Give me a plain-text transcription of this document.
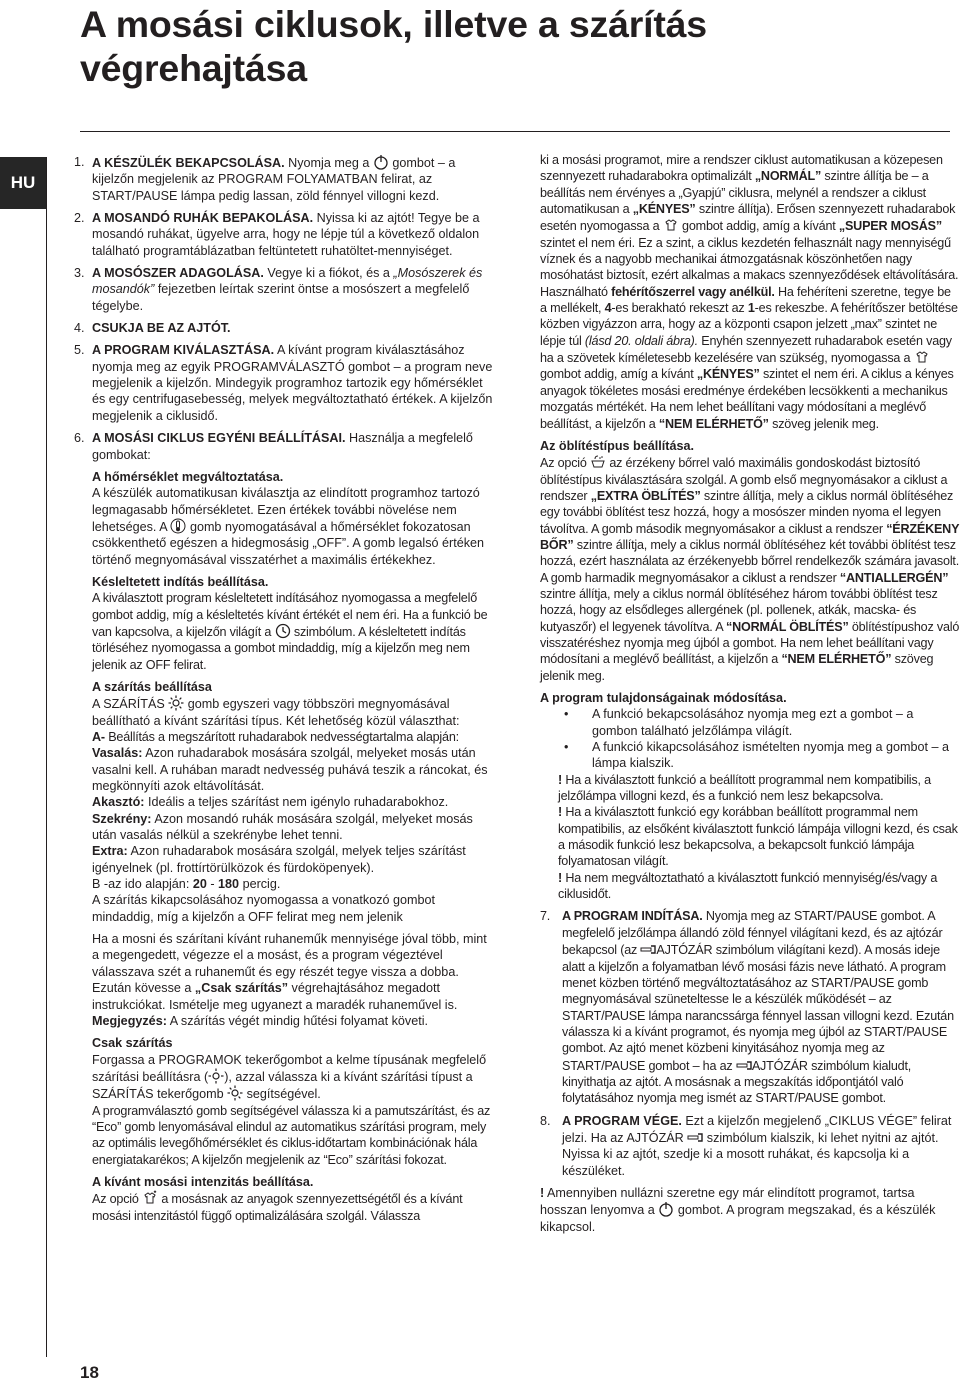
A mosási ciklusok, illetve a szárítás végrehajtása
HU
18

1. A KÉSZÜLÉK BEKAPCSOLÁSA. Nyomja meg a gombot – a kijelzőn megjelenik az PROGRAM FOLYAMATBAN felirat, az START/PAUSE lámpa pedig lassan, zöld fénnyel villogni kezd.

2. A MOSANDÓ RUHÁK BEPAKOLÁSA. Nyissa ki az ajtót! Tegye be a mosandó ruhákat, ügyelve arra, hogy ne lépje túl a következő oldalon található programtáblázatban feltüntetett ruhatöltet-mennyiséget.

3. A MOSÓSZER ADAGOLÁSA. Vegye ki a fiókot, és a „Mosószerek és mosandók” fejezetben leírtak szerint öntse a mosószert a megfelelő tégelybe.

4. CSUKJA BE AZ AJTÓT.

5. A PROGRAM KIVÁLASZTÁSA. A kívánt program kiválasztásához nyomja meg az egyik PROGRAMVÁLASZTÓ gombot – a program neve megjelenik a kijelzőn. Mindegyik programhoz tartozik egy hőmérséklet és egy centrifugasebesség, melyek megváltoztatható értékek. A kijelzőn megjelenik a ciklusidő.

6. A MOSÁSI CIKLUS EGYÉNI BEÁLLÍTÁSAI. Használja a megfelelő gombokat:

A hőmérséklet megváltoztatása.

A készülék automatikusan kiválasztja az elindított programhoz tartozó legmagasabb hőmérsékletet. Ezen értékek további növelése nem lehetséges. A gomb nyomogatásával a hőmérséklet fokozatosan csökkenthető egészen a hidegmosásig „OFF”. A gomb legalsó értéken történő megnyomásával visszatérhet a maximális értékekhez.

Késleltetett indítás beállítása.

A kiválasztott program késleltetett indításához nyomogassa a megfelelő gombot addig, míg a késleltetés kívánt értékét el nem éri. Ha a funkció be van kapcsolva, a kijelzőn világít a szimbólum. A késleltetett indítás törléséhez nyomogassa a gombot mindaddig, míg a kijelzőn meg nem jelenik az OFF felirat.

A szárítás beállítása

A SZÁRÍTÁS gomb egyszeri vagy többszöri megnyomásával beállítható a kívánt szárítási típus. Két lehetőség közül választhat:

A- Beállítás a megszárított ruhadarabok nedvességtartalma alapján:

Vasalás: Azon ruhadarabok mosására szolgál, melyeket mosás után vasalni kell. A ruhában maradt nedvesség puhává teszik a ráncokat, és megkönnyíti azok eltávolítását.

Akasztó: Ideális a teljes szárítást nem igénylo ruhadarabokhoz.

Szekrény: Azon mosandó ruhák mosására szolgál, melyeket mosás után vasalás nélkül a szekrénybe lehet tenni.

Extra: Azon ruhadarabok mosására szolgál, melyek teljes szárítást igényelnek (pl. frottírtörülközok és fürdoköpenyek).

B -az ido alapján: 20 - 180 percig.

A szárítás kikapcsolásához nyomogassa a vonatkozó gombot mindaddig, míg a kijelzőn a OFF felirat meg nem jelenik

Ha a mosni és szárítani kívánt ruhaneműk mennyisége jóval több, mint a megengedett, végezze el a mosást, és a program végeztével válasszava szét a ruhaneműt és egy részét tegye vissza a dobba. Ezután kövesse a „Csak szárítás” végrehajtásához megadott instrukciókat. Ismételje meg ugyanezt a maradék ruhaneművel is.

Megjegyzés: A szárítás végét mindig hűtési folyamat követi.

Csak szárítás

Forgassa a PROGRAMOK tekerőgombot a kelme típusának megfelelő szárítási beállításra ( ), azzal válassza ki a kívánt szárítási típust a SZÁRÍTÁS tekerőgomb segítségével.

A programválasztó gomb segítségével válassza ki a pamutszárítást, és az “Eco” gomb lenyomásával elindul az automatikus szárítási program, mely az optimális levegőhőmérséklet és ciklus-időtartam kombinációnak hála energiatakarékos; A kijelzőn megjelenik az “Eco” szárítási fokozat.

A kívánt mosási intenzitás beállítása.

Az opció a mosásnak az anyagok szennyezettségétől és a kívánt mosási intenzitástól függő optimalizálására szolgál. Válassza

ki a mosási programot, mire a rendszer ciklust automatikusan a közepesen szennyezett ruhadarabokra optimalizált „NORMÁL” szintre állítja be – a beállítás nem érvényes a „Gyapjú” ciklusra, melynél a rendszer a ciklust automatikusan a „KÉNYES” szintre állítja). Erősen szennyezett ruhadarabok esetén nyomogassa a gombot addig, amíg a kívánt „SUPER MOSÁS” szintet el nem éri. Ez a szint, a ciklus kezdetén felhasznált nagy mennyiségű víznek és a nagyobb mechanikai átmozgatásnak köszönhetően nagy mosóhatást biztosít, ezért alkalmas a makacs szennyeződések eltávolítására. Használható fehérítőszerrel vagy anélkül. Ha fehéríteni szeretne, tegye be a mellékelt, 4-es berakható rekeszt az 1-es rekeszbe. A fehérítőszer betöltése közben vigyázzon arra, hogy az a központi csapon jelzett „max” szintet ne lépje túl (lásd 20. oldali ábra). Enyhén szennyezett ruhadarabok esetén vagy ha a szövetek kíméletesebb kezelésére van szükség, nyomogassa a
gombot addig, amíg a kívánt „KÉNYES” szintet el nem éri. A ciklus a kényes anyagok tökéletes mosási eredménye érdekében lecsökkenti a mechanikus mozgatás mértékét. Ha nem lehet beállítani vagy módosítani a meglévő beállítást, a kijelzőn a “NEM ELÉRHETŐ” szöveg jelenik meg.

Az öblítéstípus beállítása.

Az opció az érzékeny bőrrel való maximális gondoskodást biztosító öblítéstípus kiválasztására szolgál. A gomb első megnyomásakor a ciklust a rendszer „EXTRA ÖBLÍTÉS” szintre állítja, mely a ciklus normál öblítéséhez egy további öblítést tesz hozzá, hogy a mosószer minden nyoma el legyen távolítva. A gomb második megnyomásakor a ciklust a rendszer “ÉRZÉKENY BŐR” szintre állítja, mely a ciklus normál öblítéséhez két további öblítést tesz hozzá, ezért használata az érzékenyebb bőrrel rendelkezők számára javasolt. A gomb harmadik megnyomásakor a ciklust a rendszer “ANTIALLERGÉN” szintre állítja, mely a ciklus normál öblítéséhez három további öblítést tesz hozzá, hogy az elsődleges allergének (pl. pollenek, atkák, macska- és kutyaszőr) el legyenek távolítva. A “NORMÁL ÖBLÍTÉS” öblítéstípushoz való visszatéréshez nyomja meg újból a gombot. Ha nem lehet beállítani vagy módosítani a meglévő beállítást, a kijelzőn a “NEM ELÉRHETŐ” szöveg jelenik meg.

A program tulajdonságainak módosítása.

• A funkció bekapcsolásához nyomja meg ezt a gombot – a gombon található jelzőlámpa világít.

• A funkció kikapcsolásához ismételten nyomja meg a gombot – a lámpa kialszik.

! Ha a kiválasztott funkció a beállított programmal nem kompatibilis, a jelzőlámpa villogni kezd, és a funkció nem lesz bekapcsolva.

! Ha a kiválasztott funkció egy korábban beállított programmal nem kompatibilis, az elsőként kiválasztott funkció lámpája villogni kezd, és csak a második funkció lesz bekapcsolva, a bekapcsolt funkció lámpája folyamatosan világít.

! Ha nem megváltoztatható a kiválasztott funkció mennyiség/és/vagy a ciklusidőt.

7. A PROGRAM INDÍTÁSA. Nyomja meg az START/PAUSE gombot. A megfelelő jelzőlámpa állandó zöld fénnyel világítani kezd, és az ajtózár bekapcsol (az AJTÓZÁR szimbólum világítani kezd). A mosás ideje alatt a kijelzőn a folyamatban lévő mosási fázis neve látható. A program menet közben történő megváltoztatásához az START/PAUSE gomb megnyomásával szüneteltesse le a készülék működését – az START/PAUSE lámpa narancssárga fénnyel lassan villogni kezd. Ezután válassza ki a kívánt programot, és nyomja meg újból az START/PAUSE gombot. Az ajtó menet közbeni kinyitásához nyomja meg az START/PAUSE gombot – ha az AJTÓZÁR szimbólum kialudt, kinyithatja az ajtót. A mosásnak a megszakítás időpontjától való folytatásához nyomja meg ismét az START/PAUSE gombot.

8. A PROGRAM VÉGE. Ezt a kijelzőn megjelenő „CIKLUS VÉGE” felirat jelzi. Ha az AJTÓZÁR szimbólum kialszik, ki lehet nyitni az ajtót. Nyissa ki az ajtót, szedje ki a mosott ruhákat, és kapcsolja ki a készüléket.

! Amennyiben nullázni szeretne egy már elindított programot, tartsa hosszan lenyomva a gombot. A program megszakad, és a készülék kikapcsol.
